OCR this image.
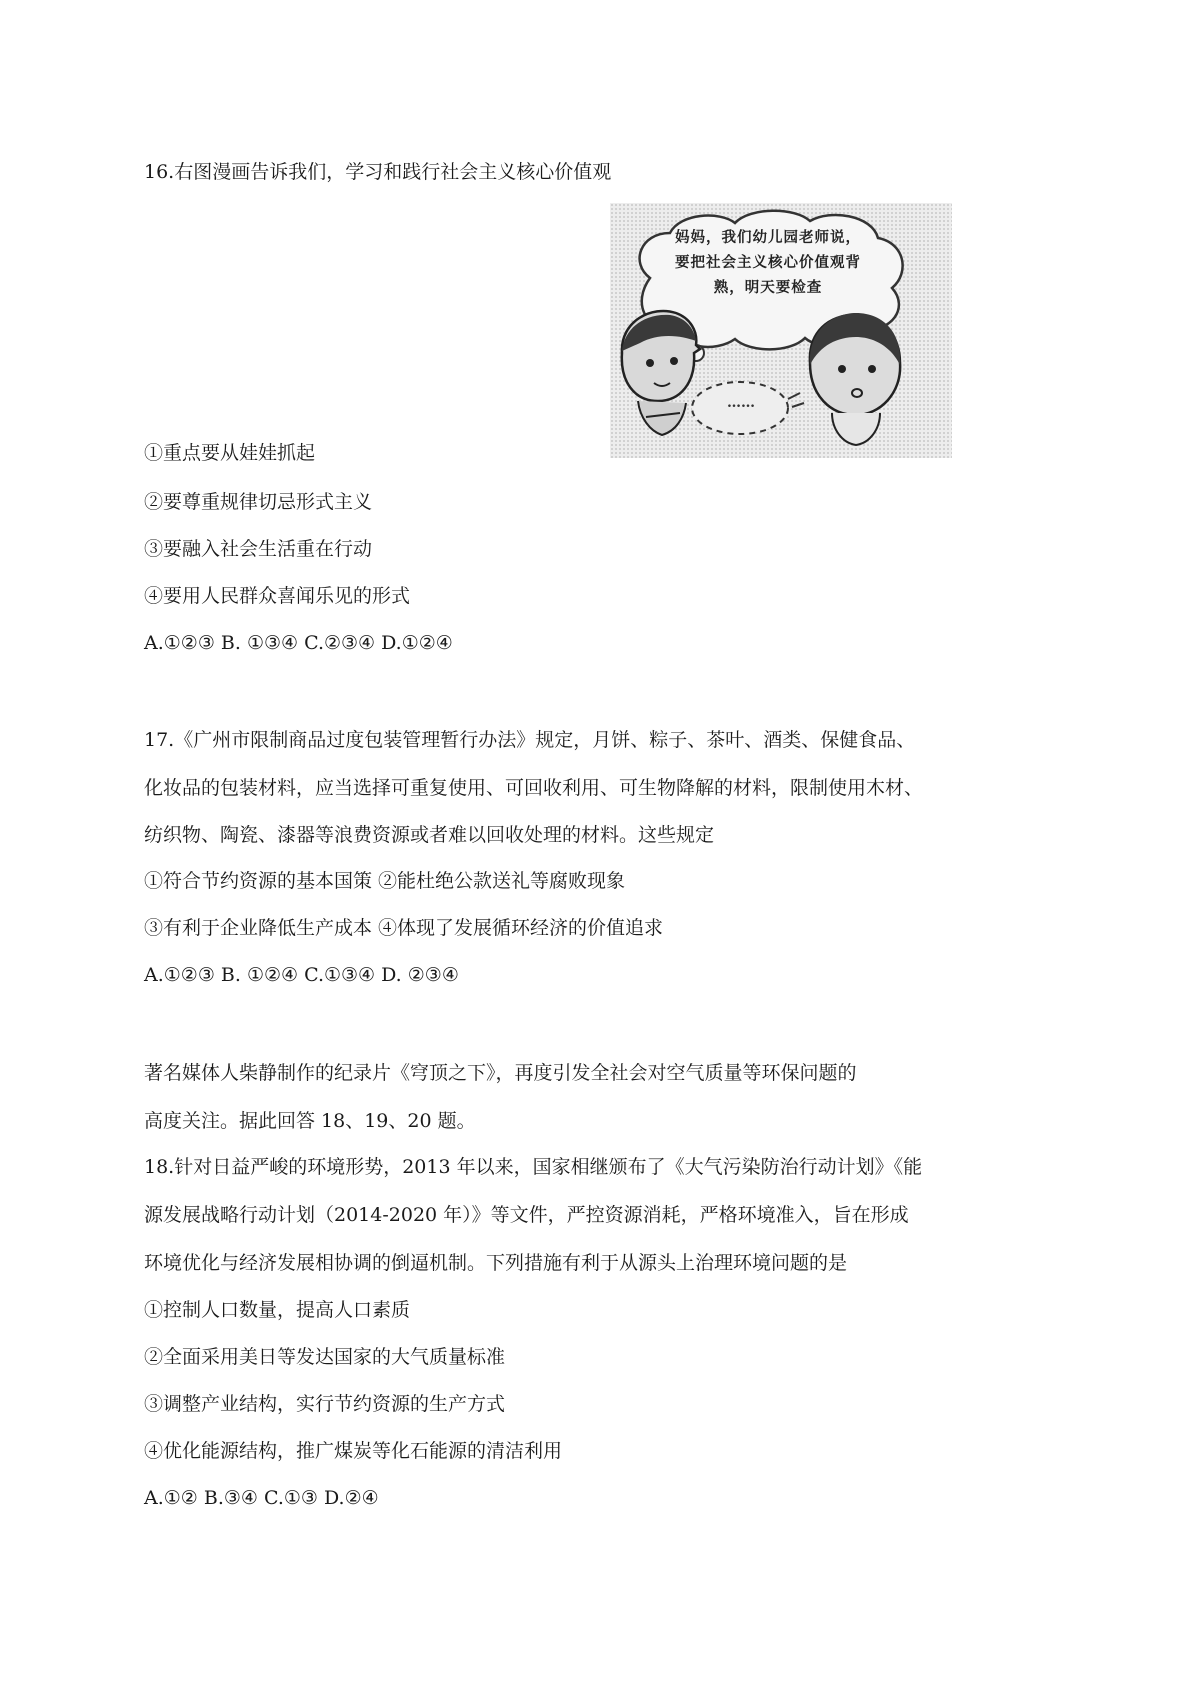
16.右图漫画告诉我们，学习和践行社会主义核心价值观
妈妈，我们幼儿园老师说，要把社会主义核心价值观背熟，明天要检查
……
①重点要从娃娃抓起
②要尊重规律切忌形式主义
③要融入社会生活重在行动
④要用人民群众喜闻乐见的形式
A.①②③ B. ①③④ C.②③④ D.①②④
17.《广州市限制商品过度包装管理暂行办法》规定，月饼、粽子、茶叶、酒类、保健食品、
化妆品的包装材料，应当选择可重复使用、可回收利用、可生物降解的材料，限制使用木材、
纺织物、陶瓷、漆器等浪费资源或者难以回收处理的材料。这些规定
①符合节约资源的基本国策 ②能杜绝公款送礼等腐败现象
③有利于企业降低生产成本 ④体现了发展循环经济的价值追求
A.①②③ B. ①②④ C.①③④ D. ②③④
著名媒体人柴静制作的纪录片《穹顶之下》，再度引发全社会对空气质量等环保问题的
高度关注。据此回答 18、19、20 题。
18.针对日益严峻的环境形势，2013 年以来，国家相继颁布了《大气污染防治行动计划》《能
源发展战略行动计划（2014-2020 年）》等文件，严控资源消耗，严格环境准入，旨在形成
环境优化与经济发展相协调的倒逼机制。下列措施有利于从源头上治理环境问题的是
①控制人口数量，提高人口素质
②全面采用美日等发达国家的大气质量标准
③调整产业结构，实行节约资源的生产方式
④优化能源结构，推广煤炭等化石能源的清洁利用
A.①② B.③④ C.①③ D.②④
